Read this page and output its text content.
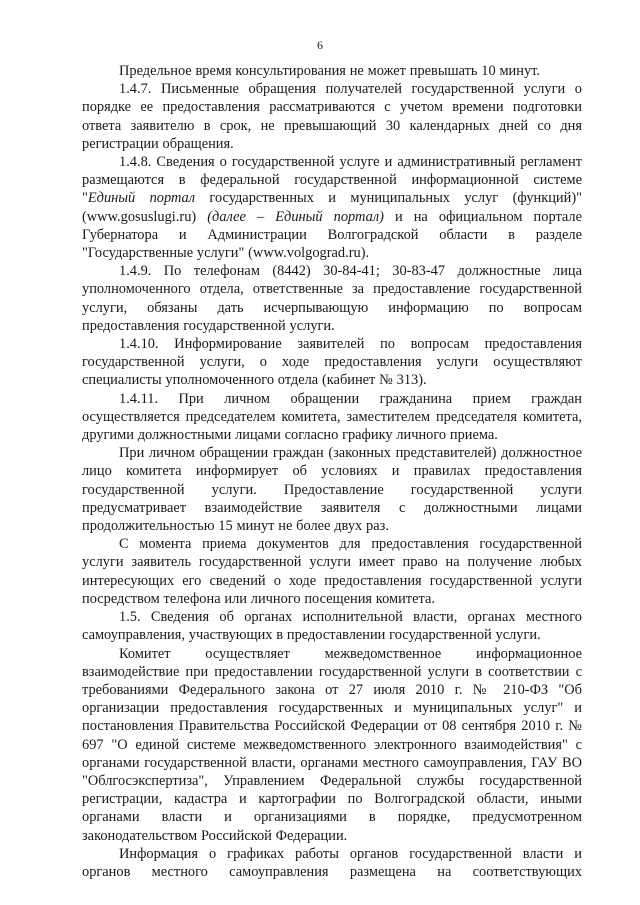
6

Предельное время консультирования не может превышать 10 минут.

1.4.7. Письменные обращения получателей государственной услуги о порядке ее предоставления рассматриваются с учетом времени подготовки ответа заявителю в срок, не превышающий 30 календарных дней со дня регистрации обращения.

1.4.8. Сведения о государственной услуге и административный регламент размещаются в федеральной государственной информационной системе "Единый портал государственных и муниципальных услуг (функций)" (www.gosuslugi.ru) (далее – Единый портал) и на официальном портале Губернатора и Администрации Волгоградской области в разделе "Государственные услуги" (www.volgograd.ru).

1.4.9. По телефонам (8442) 30-84-41; 30-83-47 должностные лица уполномоченного отдела, ответственные за предоставление государственной услуги, обязаны дать исчерпывающую информацию по вопросам предоставления государственной услуги.

1.4.10. Информирование заявителей по вопросам предоставления государственной услуги, о ходе предоставления услуги осуществляют специалисты уполномоченного отдела (кабинет № 313).

1.4.11. При личном обращении гражданина прием граждан осуществляется председателем комитета, заместителем председателя комитета, другими должностными лицами согласно графику личного приема.

При личном обращении граждан (законных представителей) должностное лицо комитета информирует об условиях и правилах предоставления государственной услуги. Предоставление государственной услуги предусматривает взаимодействие заявителя с должностными лицами продолжительностью 15 минут не более двух раз.

С момента приема документов для предоставления государственной услуги заявитель государственной услуги имеет право на получение любых интересующих его сведений о ходе предоставления государственной услуги посредством телефона или личного посещения комитета.

1.5. Сведения об органах исполнительной власти, органах местного самоуправления, участвующих в предоставлении государственной услуги.

Комитет осуществляет межведомственное информационное взаимодействие при предоставлении государственной услуги в соответствии с требованиями Федерального закона от 27 июля 2010 г. № 210-ФЗ "Об организации предоставления государственных и муниципальных услуг" и постановления Правительства Российской Федерации от 08 сентября 2010 г. № 697 "О единой системе межведомственного электронного взаимодействия" с органами государственной власти, органами местного самоуправления, ГАУ ВО "Облгосэкспертиза", Управлением Федеральной службы государственной регистрации, кадастра и картографии по Волгоградской области, иными органами власти и организациями в порядке, предусмотренном законодательством Российской Федерации.

Информация о графиках работы органов государственной власти и органов местного самоуправления размещена на соответствующих
